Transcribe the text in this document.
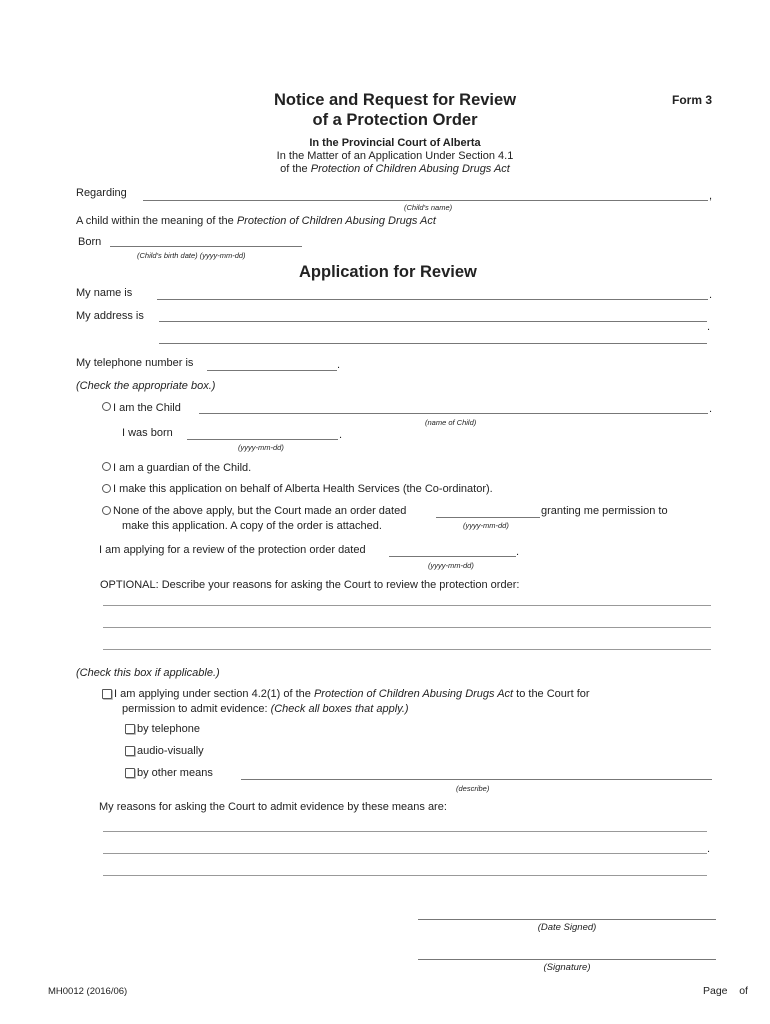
Notice and Request for Review
of a Protection Order
Form 3
In the Provincial Court of Alberta
In the Matter of an Application Under Section 4.1
of the Protection of Children Abusing Drugs Act
Regarding	,
(Child's name)
A child within the meaning of the Protection of Children Abusing Drugs Act
Born
(Child's birth date) (yyyy-mm-dd)
Application for Review
My name is	.
My address is
.
My telephone number is	.
(Check the appropriate box.)
I am the Child	.
(name of Child)
I was born	.
(yyyy-mm-dd)
I am a guardian of the Child.
I make this application on behalf of Alberta Health Services (the Co-ordinator).
None of the above apply, but the Court made an order dated	granting me permission to
make this application. A copy of the order is attached.	(yyyy-mm-dd)
I am applying for a review of the protection order dated	.
(yyyy-mm-dd)
OPTIONAL: Describe your reasons for asking the Court to review the protection order:
(Check this box if applicable.)
I am applying under section 4.2(1) of the Protection of Children Abusing Drugs Act to the Court for
permission to admit evidence: (Check all boxes that apply.)
by telephone
audio-visually
by other means
(describe)
My reasons for asking the Court to admit evidence by these means are:
.
(Date Signed)
(Signature)
MH0012 (2016/06)	Page    of
